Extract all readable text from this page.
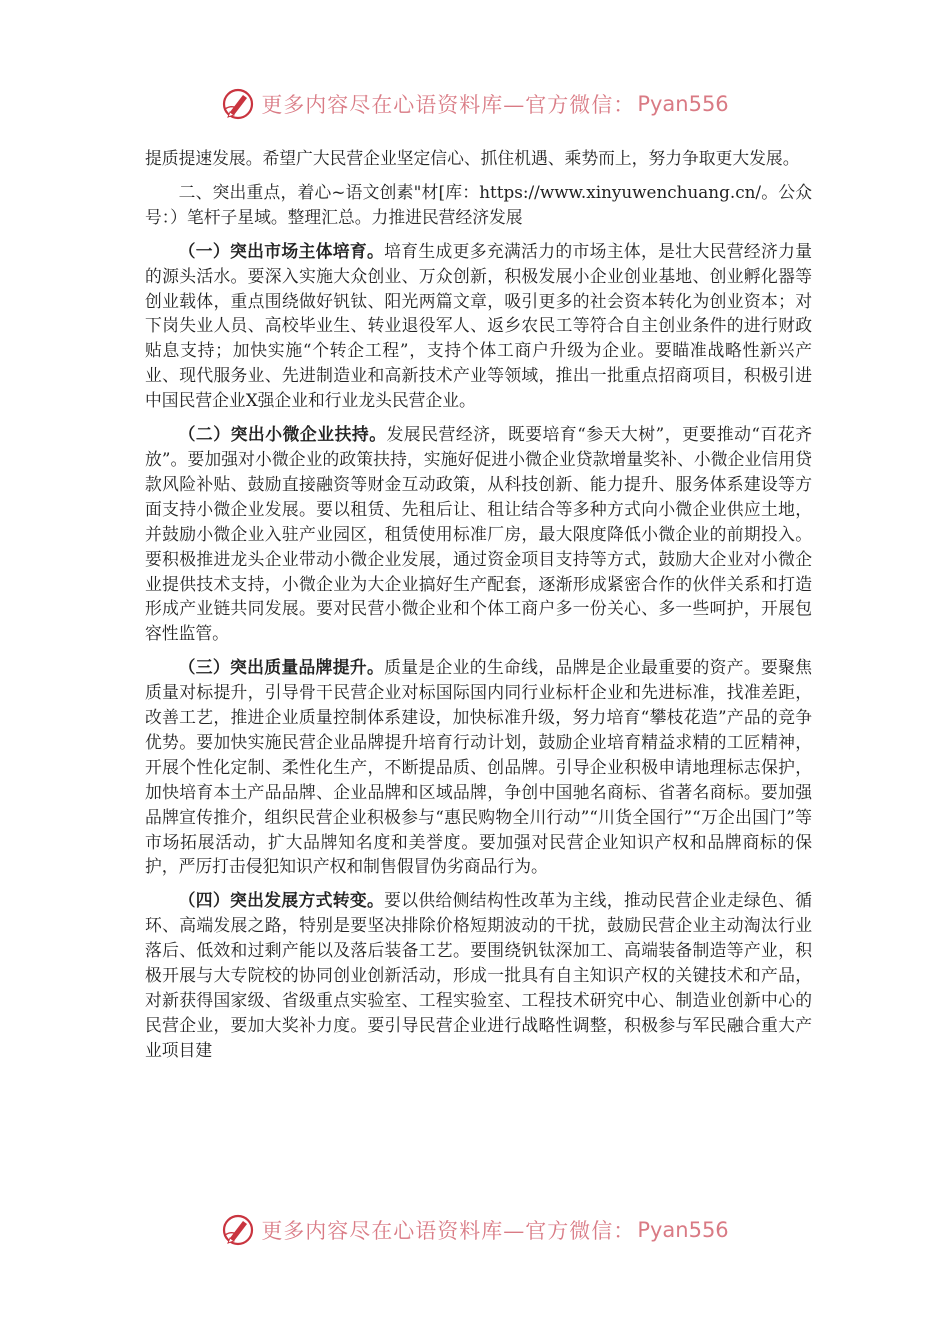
更多内容尽在心语资料库—官方微信： Pyan556

提质提速发展。希望广大民营企业坚定信心、抓住机遇、乘势而上，努力争取更大发展。

二、突出重点，着心~语文创素"材[库：https://www.xinyuwenchuang.cn/。公众号：）笔杆子星域。整理汇总。力推进民营经济发展

（一）突出市场主体培育。培育生成更多充满活力的市场主体，是壮大民营经济力量的源头活水。要深入实施大众创业、万众创新，积极发展小企业创业基地、创业孵化器等创业载体，重点围绕做好钒钛、阳光两篇文章，吸引更多的社会资本转化为创业资本；对下岗失业人员、高校毕业生、转业退役军人、返乡农民工等符合自主创业条件的进行财政贴息支持；加快实施“个转企工程”，支持个体工商户升级为企业。要瞄准战略性新兴产业、现代服务业、先进制造业和高新技术产业等领域，推出一批重点招商项目，积极引进中国民营企业X强企业和行业龙头民营企业。

（二）突出小微企业扶持。发展民营经济，既要培育“参天大树”，更要推动“百花齐放”。要加强对小微企业的政策扶持，实施好促进小微企业贷款增量奖补、小微企业信用贷款风险补贴、鼓励直接融资等财金互动政策，从科技创新、能力提升、服务体系建设等方面支持小微企业发展。要以租赁、先租后让、租让结合等多种方式向小微企业供应土地，并鼓励小微企业入驻产业园区，租赁使用标准厂房，最大限度降低小微企业的前期投入。要积极推进龙头企业带动小微企业发展，通过资金项目支持等方式，鼓励大企业对小微企业提供技术支持，小微企业为大企业搞好生产配套，逐渐形成紧密合作的伙伴关系和打造形成产业链共同发展。要对民营小微企业和个体工商户多一份关心、多一些呵护，开展包容性监管。

（三）突出质量品牌提升。质量是企业的生命线，品牌是企业最重要的资产。要聚焦质量对标提升，引导骨干民营企业对标国际国内同行业标杆企业和先进标准，找准差距，改善工艺，推进企业质量控制体系建设，加快标准升级，努力培育“攀枝花造”产品的竞争优势。要加快实施民营企业品牌提升培育行动计划，鼓励企业培育精益求精的工匠精神，开展个性化定制、柔性化生产，不断提品质、创品牌。引导企业积极申请地理标志保护，加快培育本土产品品牌、企业品牌和区域品牌，争创中国驰名商标、省著名商标。要加强品牌宣传推介，组织民营企业积极参与“惠民购物全川行动”“川货全国行”“万企出国门”等市场拓展活动，扩大品牌知名度和美誉度。要加强对民营企业知识产权和品牌商标的保护，严厉打击侵犯知识产权和制售假冒伪劣商品行为。

（四）突出发展方式转变。要以供给侧结构性改革为主线，推动民营企业走绿色、循环、高端发展之路，特别是要坚决排除价格短期波动的干扰，鼓励民营企业主动淘汰行业落后、低效和过剩产能以及落后装备工艺。要围绕钒钛深加工、高端装备制造等产业，积极开展与大专院校的协同创业创新活动，形成一批具有自主知识产权的关键技术和产品，对新获得国家级、省级重点实验室、工程实验室、工程技术研究中心、制造业创新中心的民营企业，要加大奖补力度。要引导民营企业进行战略性调整，积极参与军民融合重大产业项目建

更多内容尽在心语资料库—官方微信： Pyan556
